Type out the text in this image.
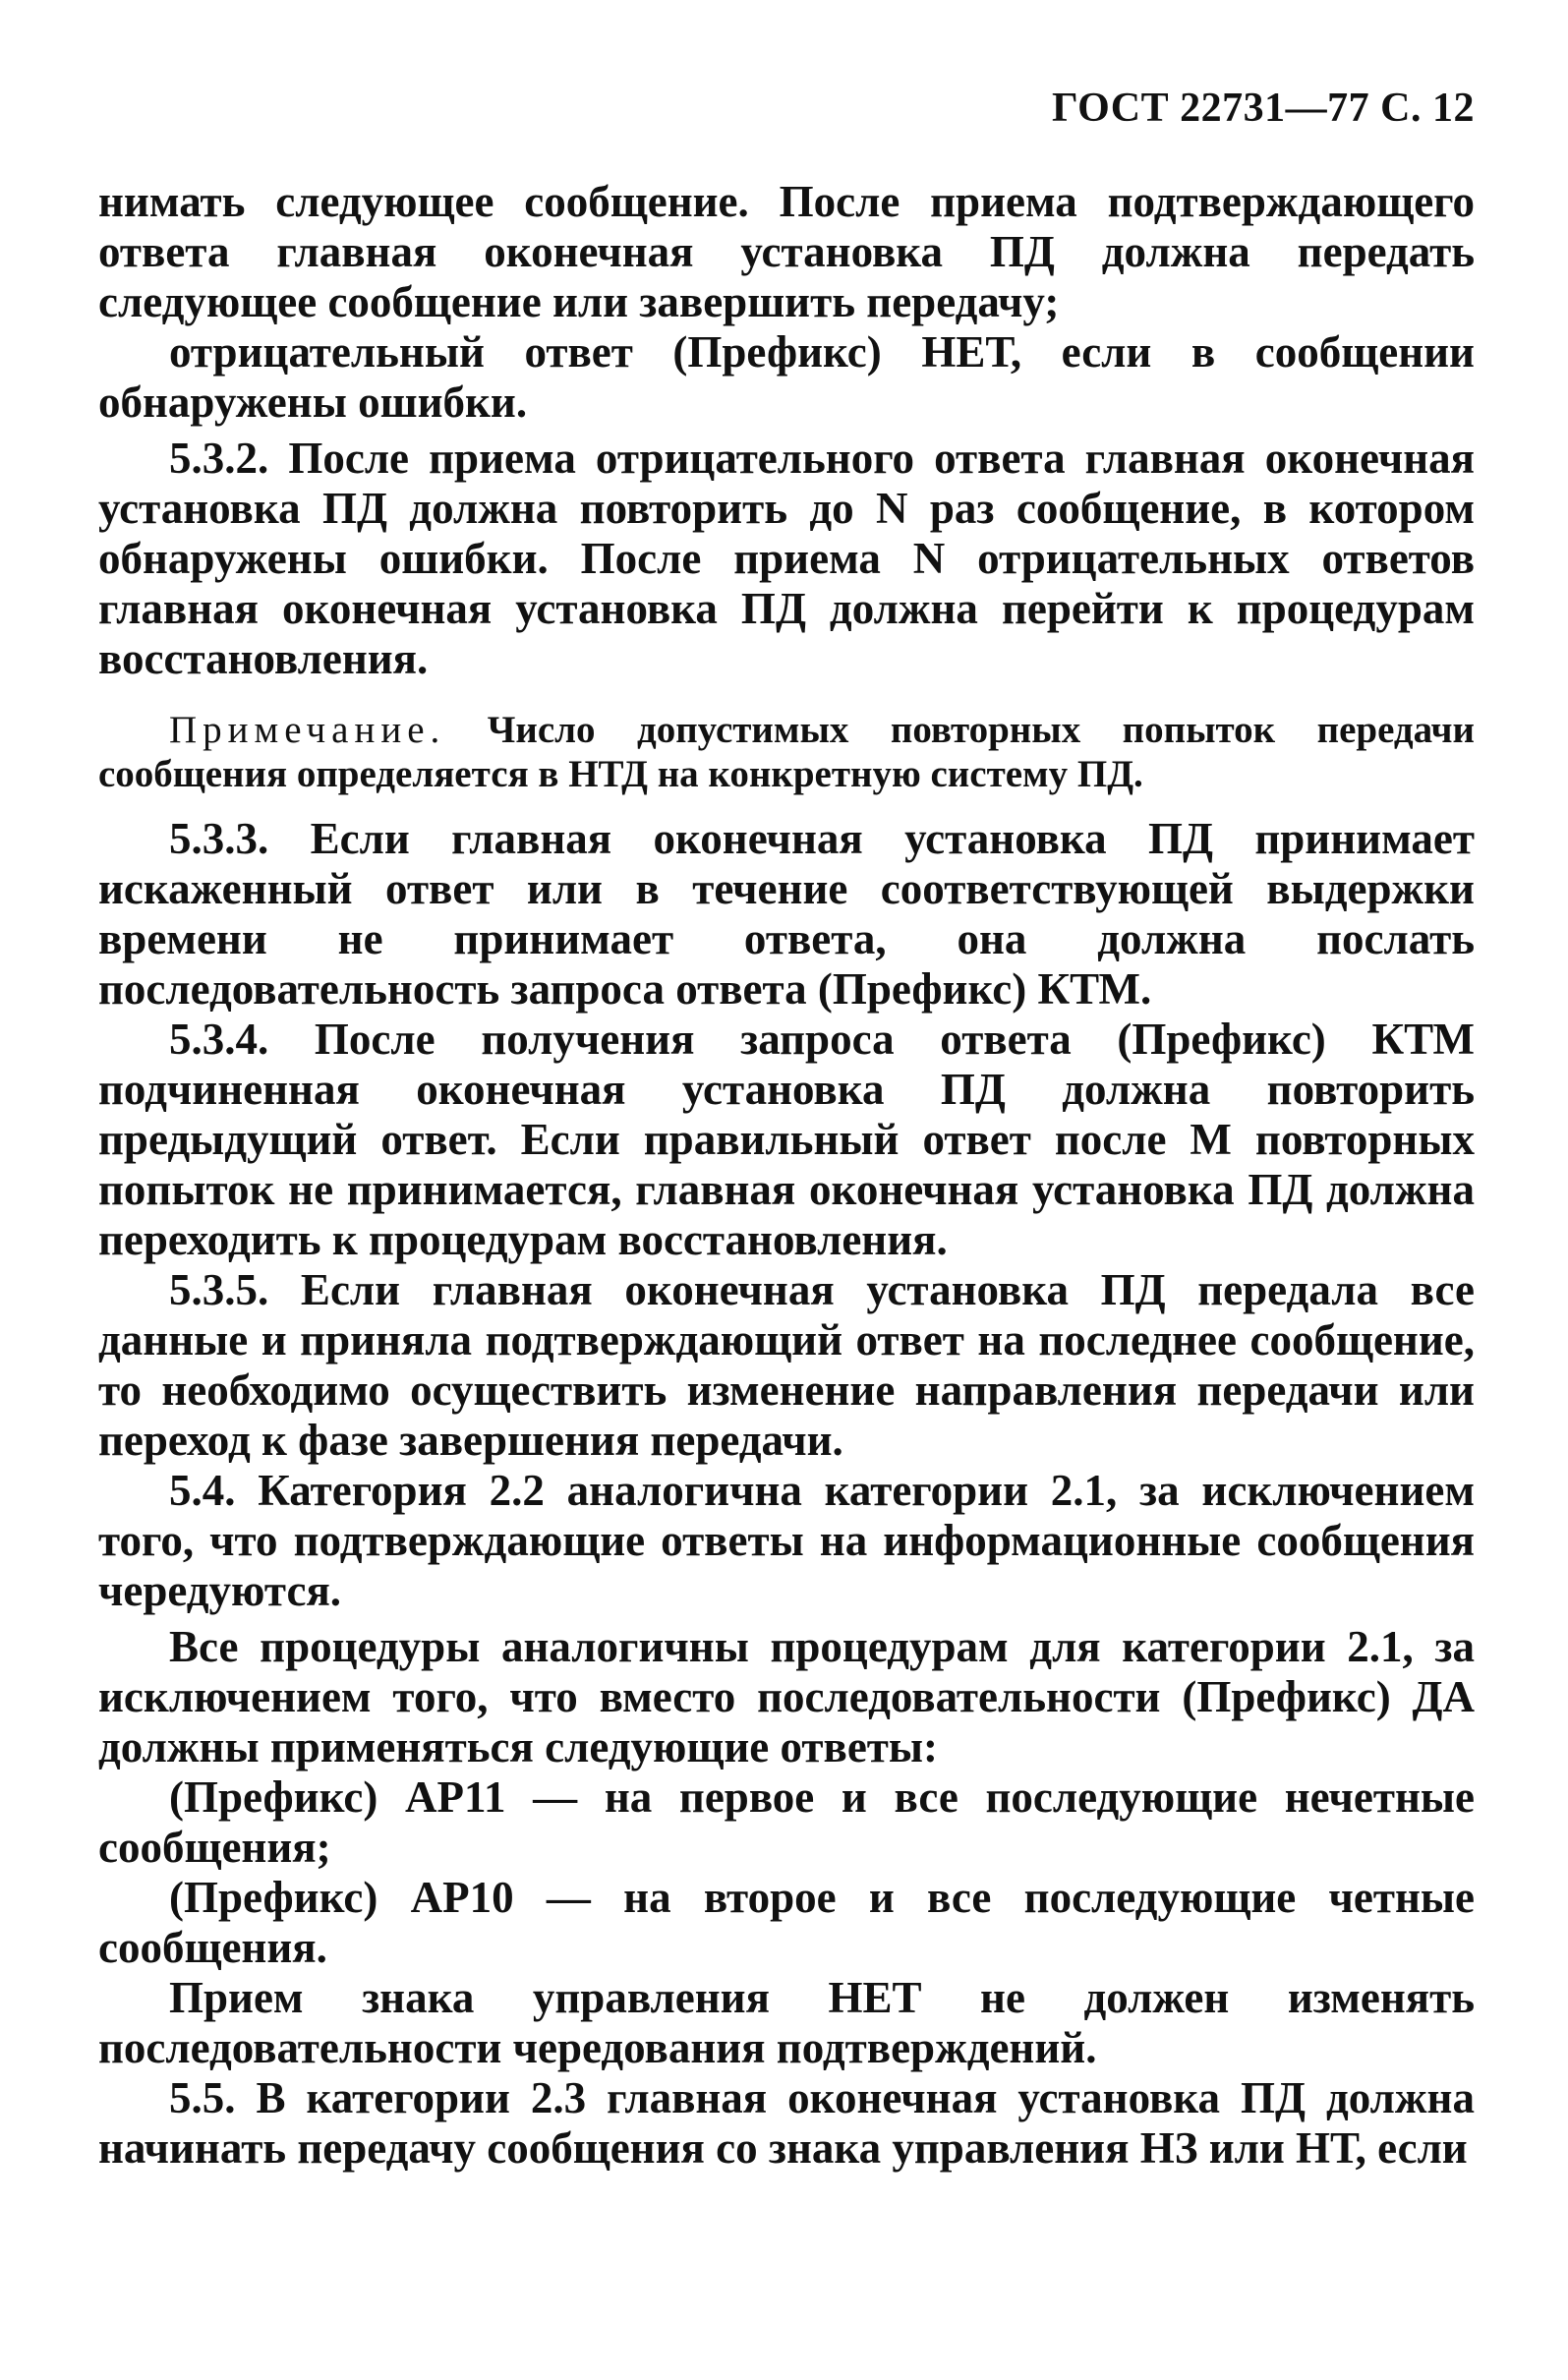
ГОСТ 22731—77 С. 12

нимать следующее сообщение. После приема подтверждающего ответа главная оконечная установка ПД должна передать следующее сообщение или завершить передачу;

отрицательный ответ (Префикс) НЕТ, если в сообщении обнаружены ошибки.

5.3.2. После приема отрицательного ответа главная оконечная установка ПД должна повторить до N раз сообщение, в котором обнаружены ошибки. После приема N отрицательных ответов главная оконечная установка ПД должна перейти к процедурам восстановления.

Примечание. Число допустимых повторных попыток передачи сообщения определяется в НТД на конкретную систему ПД.

5.3.3. Если главная оконечная установка ПД принимает искаженный ответ или в течение соответствующей выдержки времени не принимает ответа, она должна послать последовательность запроса ответа (Префикс) КТМ.

5.3.4. После получения запроса ответа (Префикс) КТМ подчиненная оконечная установка ПД должна повторить предыдущий ответ. Если правильный ответ после М повторных попыток не принимается, главная оконечная установка ПД должна переходить к процедурам восстановления.

5.3.5. Если главная оконечная установка ПД передала все данные и приняла подтверждающий ответ на последнее сообщение, то необходимо осуществить изменение направления передачи или переход к фазе завершения передачи.

5.4. Категория 2.2 аналогична категории 2.1, за исключением того, что подтверждающие ответы на информационные сообщения чередуются.

Все процедуры аналогичны процедурам для категории 2.1, за исключением того, что вместо последовательности (Префикс) ДА должны применяться следующие ответы:

(Префикс) АР11 — на первое и все последующие нечетные сообщения;

(Префикс) АР10 — на второе и все последующие четные сообщения.

Прием знака управления НЕТ не должен изменять последовательности чередования подтверждений.

5.5. В категории 2.3 главная оконечная установка ПД должна начинать передачу сообщения со знака управления НЗ или НТ, если
